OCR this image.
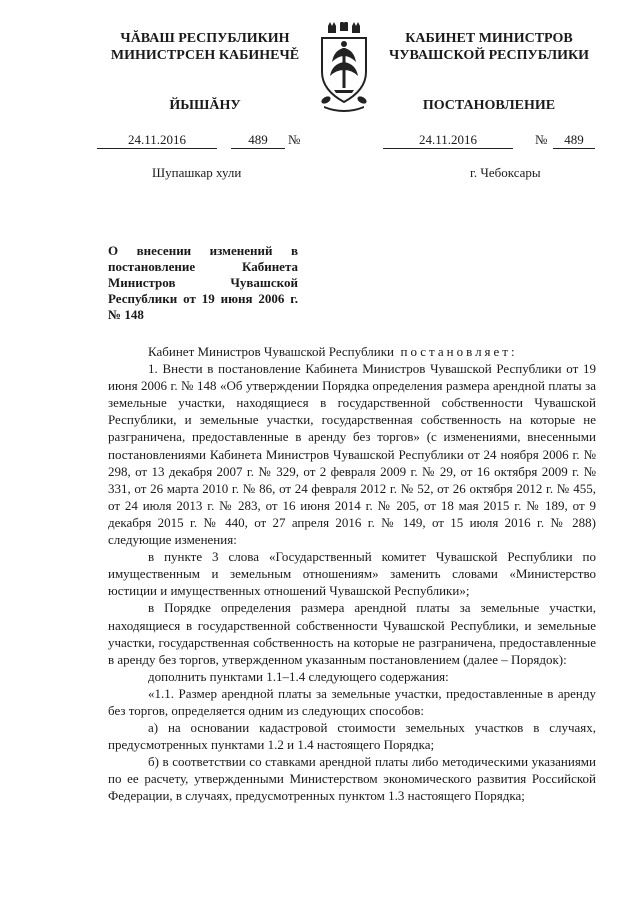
ЧĂВАШ РЕСПУБЛИКИН
МИНИСТРСЕН КАБИНЕЧĚ
КАБИНЕТ МИНИСТРОВ
ЧУВАШСКОЙ РЕСПУБЛИКИ
ЙЫШĂНУ	ПОСТАНОВЛЕНИЕ
24.11.2016	489	№	24.11.2016	№	489
Шупашкар хули	г. Чебоксары
О внесении изменений в постановление Кабинета Министров Чувашской Республики от 19 июня 2006 г. № 148

Кабинет Министров Чувашской Республики постановляет:

1. Внести в постановление Кабинета Министров Чувашской Республики от 19 июня 2006 г. № 148 «Об утверждении Порядка определения размера арендной платы за земельные участки, находящиеся в государственной собственности Чувашской Республики, и земельные участки, государственная собственность на которые не разграничена, предоставленные в аренду без торгов» (с изменениями, внесенными постановлениями Кабинета Министров Чувашской Республики от 24 ноября 2006 г. № 298, от 13 декабря 2007 г. № 329, от 2 февраля 2009 г. № 29, от 16 октября 2009 г. № 331, от 26 марта 2010 г. № 86, от 24 февраля 2012 г. № 52, от 26 октября 2012 г. № 455, от 24 июля 2013 г. № 283, от 16 июня 2014 г. № 205, от 18 мая 2015 г. № 189, от 9 декабря 2015 г. № 440, от 27 апреля 2016 г. № 149, от 15 июля 2016 г. № 288) следующие изменения:

в пункте 3 слова «Государственный комитет Чувашской Республики по имущественным и земельным отношениям» заменить словами «Министерство юстиции и имущественных отношений Чувашской Республики»;

в Порядке определения размера арендной платы за земельные участки, находящиеся в государственной собственности Чувашской Республики, и земельные участки, государственная собственность на которые не разграничена, предоставленные в аренду без торгов, утвержденном указанным постановлением (далее – Порядок):

дополнить пунктами 1.1–1.4 следующего содержания:

«1.1. Размер арендной платы за земельные участки, предоставленные в аренду без торгов, определяется одним из следующих способов:

а) на основании кадастровой стоимости земельных участков в случаях, предусмотренных пунктами 1.2 и 1.4 настоящего Порядка;

б) в соответствии со ставками арендной платы либо методическими указаниями по ее расчету, утвержденными Министерством экономического развития Российской Федерации, в случаях, предусмотренных пунктом 1.3 настоящего Порядка;
